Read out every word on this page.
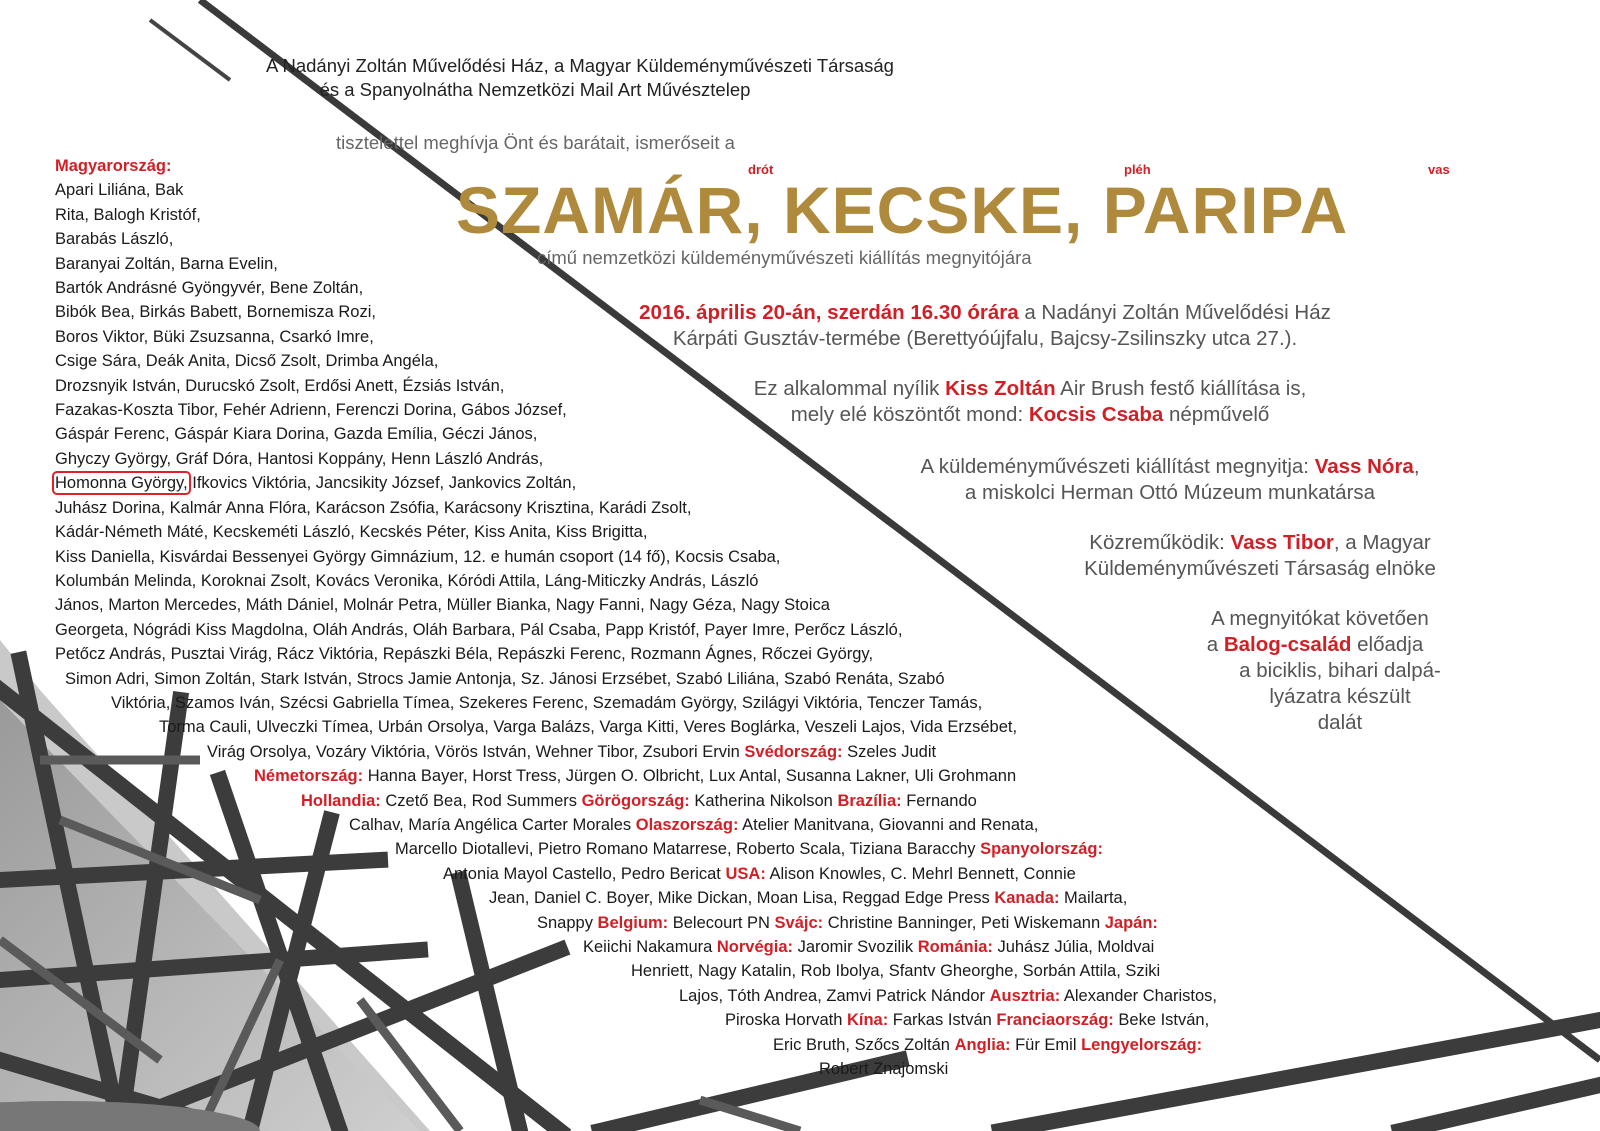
A Nadányi Zoltán Művelődési Ház, a Magyar Küldeményművészeti Társaság
és a Spanyolnátha Nemzetközi Mail Art Művésztelep
tisztelettel meghívja Önt és barátait, ismerőseit a
SZAMÁR, KECSKE, PARIPA
drót	pléh	vas
című nemzetközi küldeményművészeti kiállítás megnyitójára
2016. április 20-án, szerdán 16.30 órára a Nadányi Zoltán Művelődési Ház
Kárpáti Gusztáv-termébe (Berettyóújfalu, Bajcsy-Zsilinszky utca 27.).
Ez alkalommal nyílik Kiss Zoltán Air Brush festő kiállítása is,
mely elé köszöntőt mond: Kocsis Csaba népművelő
A küldeményművészeti kiállítást megnyitja: Vass Nóra,
a miskolci Herman Ottó Múzeum munkatársa
Közreműködik: Vass Tibor, a Magyar
Küldeményművészeti Társaság elnöke
A megnyitókat követően
a Balog-család előadja
a biciklis, bihari dalpá-
lyázatra készült
dalát
Magyarország:
Apari Liliána, Bak
Rita, Balogh Kristóf,
Barabás László,
Baranyai Zoltán, Barna Evelin,
Bartók Andrásné Gyöngyvér, Bene Zoltán,
Bibók Bea, Birkás Babett, Bornemisza Rozi,
Boros Viktor, Büki Zsuzsanna, Csarkó Imre,
Csige Sára, Deák Anita, Dicső Zsolt, Drimba Angéla,
Drozsnyik István, Durucskó Zsolt, Erdősi Anett, Ézsiás István,
Fazakas-Koszta Tibor, Fehér Adrienn, Ferenczi Dorina, Gábos József,
Gáspár Ferenc, Gáspár Kiara Dorina, Gazda Emília, Géczi János,
Ghyczy György, Gráf Dóra, Hantosi Koppány, Henn László András,
Homonna György, Ifkovics Viktória, Jancsikity József, Jankovics Zoltán,
Juhász Dorina, Kalmár Anna Flóra, Karácson Zsófia, Karácsony Krisztina, Karádi Zsolt,
Kádár-Németh Máté, Kecskeméti László, Kecskés Péter, Kiss Anita, Kiss Brigitta,
Kiss Daniella, Kisvárdai Bessenyei György Gimnázium, 12. e humán csoport (14 fő), Kocsis Csaba,
Kolumbán Melinda, Koroknai Zsolt, Kovács Veronika, Kóródi Attila, Láng-Miticzky András, László
János, Marton Mercedes, Máth Dániel, Molnár Petra, Müller Bianka, Nagy Fanni, Nagy Géza, Nagy Stoica
Georgeta, Nógrádi Kiss Magdolna, Oláh András, Oláh Barbara, Pál Csaba, Papp Kristóf, Payer Imre, Perőcz László,
Petőcz András, Pusztai Virág, Rácz Viktória, Repászki Béla, Repászki Ferenc, Rozmann Ágnes, Rőczei György,
Simon Adri, Simon Zoltán, Stark István, Strocs Jamie Antonja, Sz. Jánosi Erzsébet, Szabó Liliána, Szabó Renáta, Szabó
Viktória, Szamos Iván, Szécsi Gabriella Tímea, Szekeres Ferenc, Szemadám György, Szilágyi Viktória, Tenczer Tamás,
Torma Cauli, Ulveczki Tímea, Urbán Orsolya, Varga Balázs, Varga Kitti, Veres Boglárka, Veszeli Lajos, Vida Erzsébet,
Virág Orsolya, Vozáry Viktória, Vörös István, Wehner Tibor, Zsubori Ervin Svédország: Szeles Judit
Németország: Hanna Bayer, Horst Tress, Jürgen O. Olbricht, Lux Antal, Susanna Lakner, Uli Grohmann
Hollandia: Czető Bea, Rod Summers Görögország: Katherina Nikolson Brazília: Fernando
Calhav, María Angélica Carter Morales Olaszország: Atelier Manitvana, Giovanni and Renata,
Marcello Diotallevi, Pietro Romano Matarrese, Roberto Scala, Tiziana Baracchy Spanyolország:
Antonia Mayol Castello, Pedro Bericat USA: Alison Knowles, C. Mehrl Bennett, Connie
Jean, Daniel C. Boyer, Mike Dickan, Moan Lisa, Reggad Edge Press Kanada: Mailarta,
Snappy Belgium: Belecourt PN Svájc: Christine Banninger, Peti Wiskemann Japán:
Keiichi Nakamura Norvégia: Jaromir Svozilik Románia: Juhász Júlia, Moldvai
Henriett, Nagy Katalin, Rob Ibolya, Sfantv Gheorghe, Sorbán Attila, Sziki
Lajos, Tóth Andrea, Zamvi Patrick Nándor Ausztria: Alexander Charistos,
Piroska Horvath Kína: Farkas István Franciaország: Beke István,
Eric Bruth, Szőcs Zoltán Anglia: Für Emil Lengyelország:
Robert Znajomski
